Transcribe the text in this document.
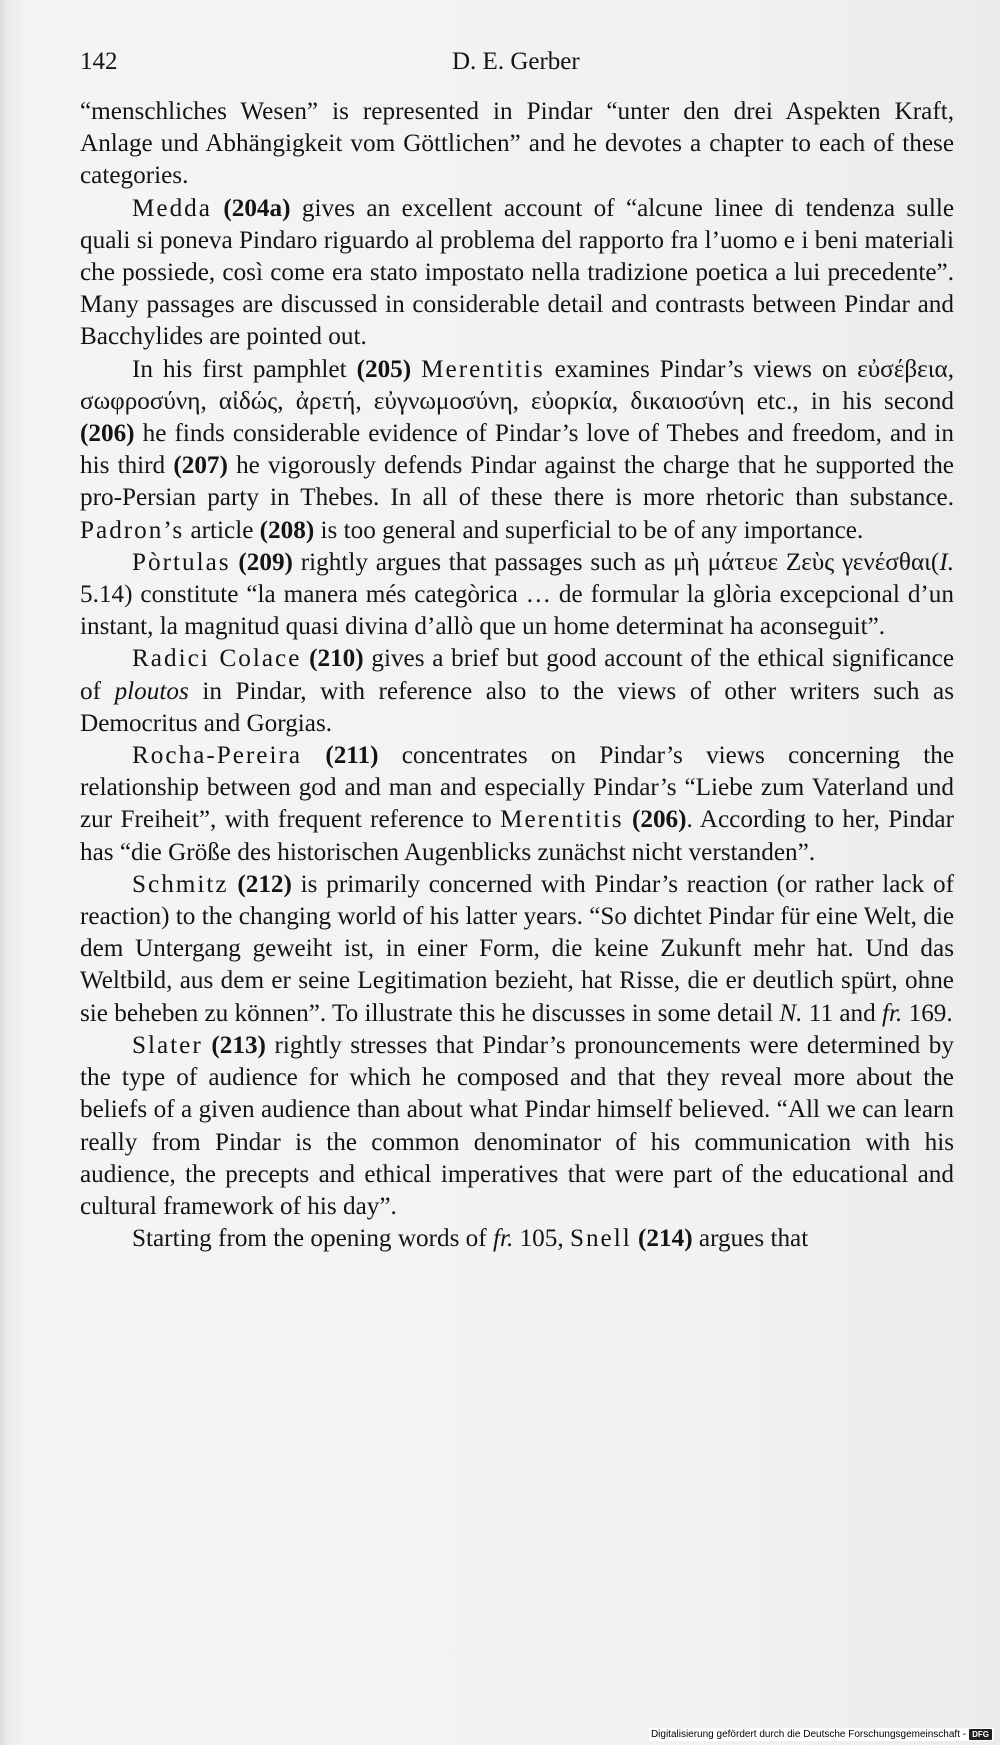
142	D. E. Gerber

“menschliches Wesen” is represented in Pindar “unter den drei Aspekten Kraft, Anlage und Abhängigkeit vom Göttlichen” and he devotes a chapter to each of these categories.

Medda (204a) gives an excellent account of “alcune linee di tendenza sulle quali si poneva Pindaro riguardo al problema del rapporto fra l’uomo e i beni materiali che possiede, così come era stato impostato nella tradizione poetica a lui precedente”. Many passages are discussed in considerable detail and contrasts between Pindar and Bacchylides are pointed out.

In his first pamphlet (205) Merentitis examines Pindar’s views on εὐσέβεια, σωφροσύνη, αἰδώς, ἀρετή, εὐγνωμοσύνη, εὐορκία, δικαιοσύνη etc., in his second (206) he finds considerable evidence of Pindar’s love of Thebes and freedom, and in his third (207) he vigorously defends Pindar against the charge that he supported the pro-Persian party in Thebes. In all of these there is more rhetoric than substance. Padron’s article (208) is too general and superficial to be of any importance.

Pòrtulas (209) rightly argues that passages such as μὴ μάτευε Ζεὺς γενέσθαι(I. 5.14) constitute “la manera més categòrica … de formular la glòria excepcional d’un instant, la magnitud quasi divina d’allò que un home determinat ha aconseguit”.

Radici Colace (210) gives a brief but good account of the ethical significance of ploutos in Pindar, with reference also to the views of other writers such as Democritus and Gorgias.

Rocha-Pereira (211) concentrates on Pindar’s views concerning the relationship between god and man and especially Pindar’s “Liebe zum Vaterland und zur Freiheit”, with frequent reference to Merentitis (206). According to her, Pindar has “die Größe des historischen Augenblicks zunächst nicht verstanden”.

Schmitz (212) is primarily concerned with Pindar’s reaction (or rather lack of reaction) to the changing world of his latter years. “So dichtet Pindar für eine Welt, die dem Untergang geweiht ist, in einer Form, die keine Zukunft mehr hat. Und das Weltbild, aus dem er seine Legitimation bezieht, hat Risse, die er deutlich spürt, ohne sie beheben zu können”. To illustrate this he discusses in some detail N. 11 and fr. 169.

Slater (213) rightly stresses that Pindar’s pronouncements were determined by the type of audience for which he composed and that they reveal more about the beliefs of a given audience than about what Pindar himself believed. “All we can learn really from Pindar is the common denominator of his communication with his audience, the precepts and ethical imperatives that were part of the educational and cultural framework of his day”.

Starting from the opening words of fr. 105, Snell (214) argues that

Digitalisierung gefördert durch die Deutsche Forschungsgemeinschaft - DFG
